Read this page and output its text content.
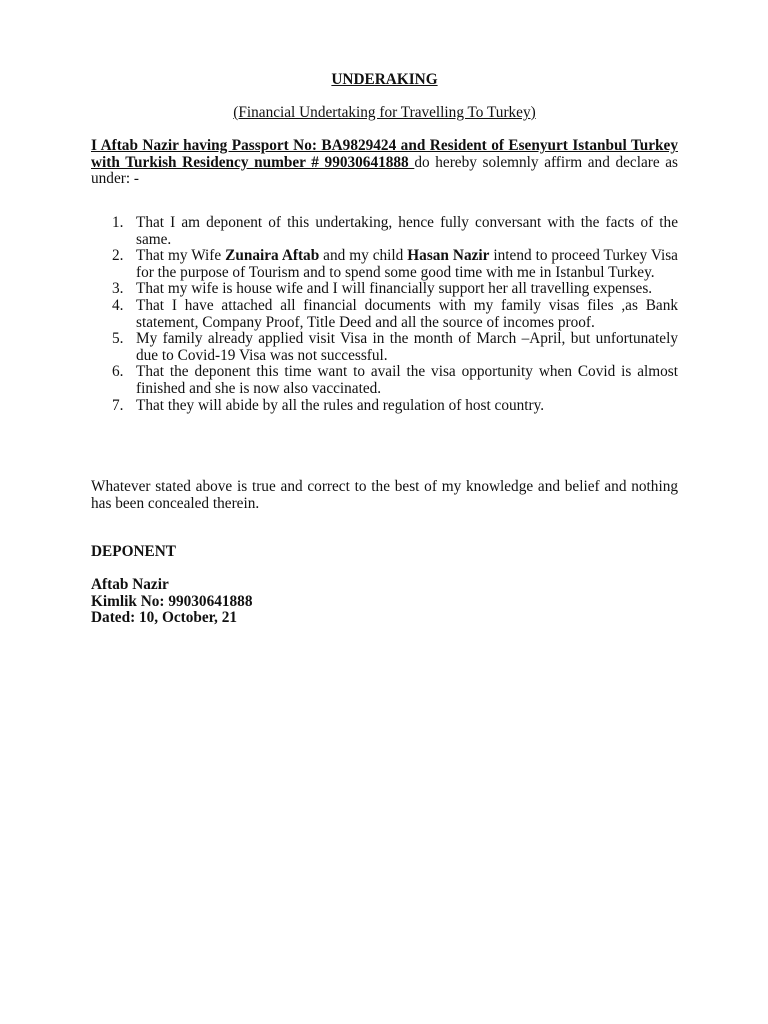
UNDERAKING
(Financial Undertaking for Travelling To Turkey)

I Aftab Nazir having Passport No: BA9829424 and Resident of Esenyurt Istanbul Turkey with Turkish Residency number # 99030641888 do hereby solemnly affirm and declare as under: -

1. That I am deponent of this undertaking, hence fully conversant with the facts of the same.
2. That my Wife Zunaira Aftab and my child Hasan Nazir intend to proceed Turkey Visa for the purpose of Tourism and to spend some good time with me in Istanbul Turkey.
3. That my wife is house wife and I will financially support her all travelling expenses.
4. That I have attached all financial documents with my family visas files ,as Bank statement, Company Proof, Title Deed and all the source of incomes proof.
5. My family already applied visit Visa in the month of March –April, but unfortunately due to Covid-19 Visa was not successful.
6. That the deponent this time want to avail the visa opportunity when Covid is almost finished and she is now also vaccinated.
7. That they will abide by all the rules and regulation of host country.

Whatever stated above is true and correct to the best of my knowledge and belief and nothing has been concealed therein.

DEPONENT
Aftab Nazir
Kimlik No: 99030641888
Dated: 10, October, 21
